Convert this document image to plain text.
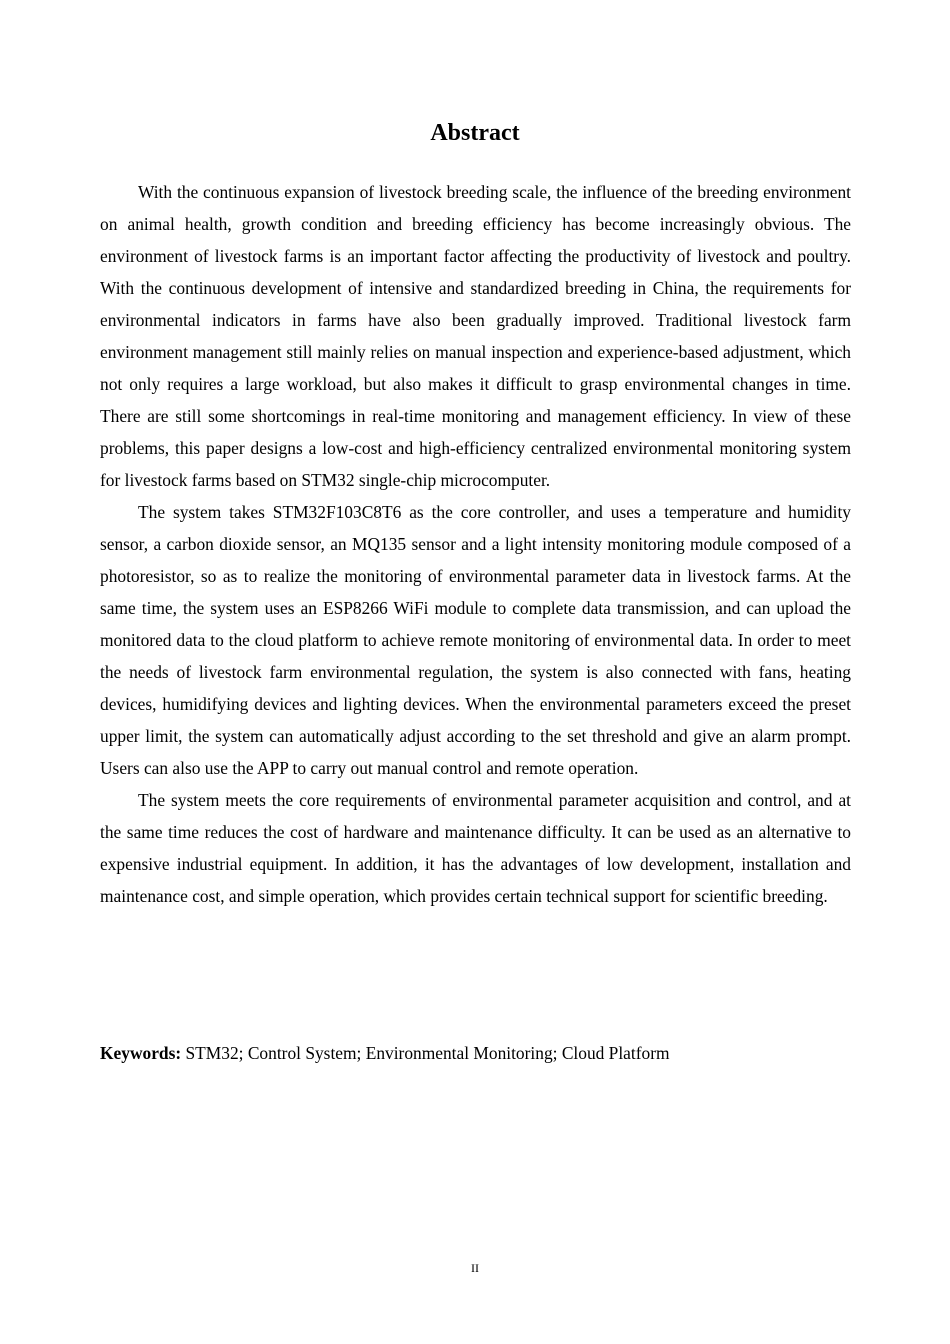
Abstract

With the continuous expansion of livestock breeding scale, the influence of the breeding environment on animal health, growth condition and breeding efficiency has become increasingly obvious. The environment of livestock farms is an important factor affecting the productivity of livestock and poultry. With the continuous development of intensive and standardized breeding in China, the requirements for environmental indicators in farms have also been gradually improved. Traditional livestock farm environment management still mainly relies on manual inspection and experience-based adjustment, which not only requires a large workload, but also makes it difficult to grasp environmental changes in time. There are still some shortcomings in real-time monitoring and management efficiency. In view of these problems, this paper designs a low-cost and high-efficiency centralized environmental monitoring system for livestock farms based on STM32 single-chip microcomputer.

The system takes STM32F103C8T6 as the core controller, and uses a temperature and humidity sensor, a carbon dioxide sensor, an MQ135 sensor and a light intensity monitoring module composed of a photoresistor, so as to realize the monitoring of environmental parameter data in livestock farms. At the same time, the system uses an ESP8266 WiFi module to complete data transmission, and can upload the monitored data to the cloud platform to achieve remote monitoring of environmental data. In order to meet the needs of livestock farm environmental regulation, the system is also connected with fans, heating devices, humidifying devices and lighting devices. When the environmental parameters exceed the preset upper limit, the system can automatically adjust according to the set threshold and give an alarm prompt. Users can also use the APP to carry out manual control and remote operation.

The system meets the core requirements of environmental parameter acquisition and control, and at the same time reduces the cost of hardware and maintenance difficulty. It can be used as an alternative to expensive industrial equipment. In addition, it has the advantages of low development, installation and maintenance cost, and simple operation, which provides certain technical support for scientific breeding.

Keywords: STM32; Control System; Environmental Monitoring; Cloud Platform

II
